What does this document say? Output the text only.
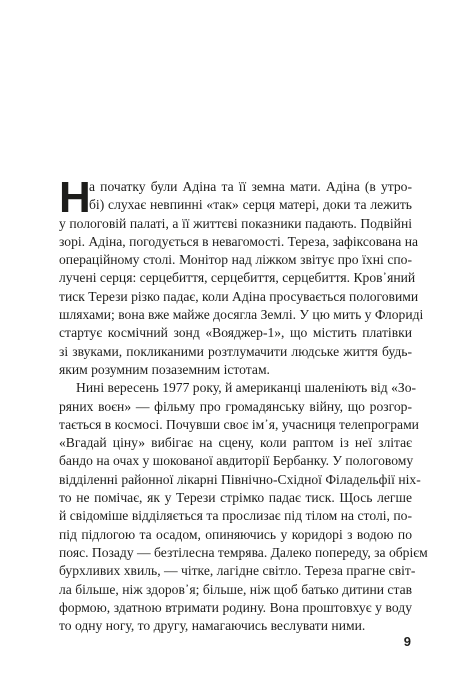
Н
а початку були Адіна та її земна мати. Адіна (в утро-
бі) слухає невпинні «так» серця матері, доки та лежить
у пологовій палаті, а її життєві показники падають. Подвійні
зорі. Адіна, погодується в невагомості. Тереза, зафіксована на
операційному столі. Монітор над ліжком звітує про їхні спо-
лучені серця: серцебиття, серцебиття, серцебиття. Кров᾽яний
тиск Терези різко падає, коли Адіна просувається пологовими
шляхами; вона вже майже досягла Землі. У цю мить у Флориді
стартує космічний зонд «Вояджер-1», що містить платівки
зі звуками, покликаними розтлумачити людське життя будь-
яким розумним позаземним істотам.
Нині вересень 1977 року, й американці шаленіють від «Зо-
ряних воєн» — фільму про громадянську війну, що розгор-
тається в космосі. Почувши своє ім᾽я, учасниця телепрограми
«Вгадай ціну» вибігає на сцену, коли раптом із неї злітає
бандо на очах у шокованої авдиторії Бербанку. У пологовому
відділенні районної лікарні Північно-Східної Філадельфії ніх-
то не помічає, як у Терези стрімко падає тиск. Щось легше
й свідоміше відділяється та прослизає під тілом на столі, по-
під підлогою та осадом, опиняючись у коридорі з водою по
пояс. Позаду — безтілесна темрява. Далеко попереду, за обрієм
бурхливих хвиль, — чітке, лагідне світло. Тереза прагне світ-
ла більше, ніж здоров᾽я; більше, ніж щоб батько дитини став
формою, здатною втримати родину. Вона проштовхує у воду
то одну ногу, то другу, намагаючись веслувати ними.
9
